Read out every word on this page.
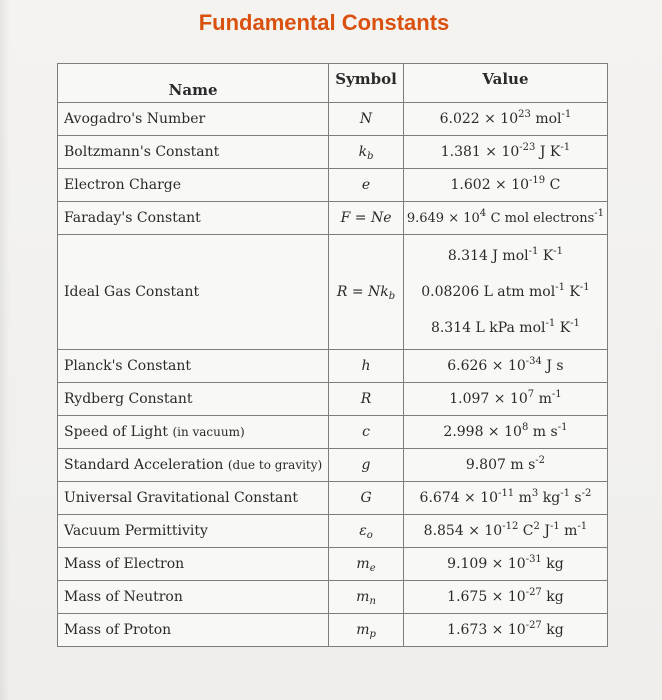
Fundamental Constants
Name	Symbol	Value
Avogadro's Number	N	$6.022 \times 10^{23}$ mol$^{-1}$
Boltzmann's Constant	$k_b$	$1.381 \times 10^{-23}$ J $K^{-1}$
Electron Charge	e	$1.602 \times 10^{-19}$ C
Faraday's Constant	F = Ne	$9.649 \times 10^4$ C mol electrons$^{-1}$
Ideal Gas Constant	$R = Nk_b$	8.314 J mol$^{-1}$ $K^{-1}$
0.08206 L atm mol$^{-1}$ $K^{-1}$
8.314 L kPa mol$^{-1}$ $K^{-1}$

Planck's Constant	h	$6.626 \times 10^{-34}$ J s
Rydberg Constant	R	$1.097 \times 10^7$ $m^{-1}$
Speed of Light (in vacuum)	c	$2.998 \times 10^8$ m $s^{-1}$
Standard Acceleration (due to gravity)	g	9.807 m $s^{-2}$
Universal Gravitational Constant	G	$6.674 \times 10^{-11}$ $m^3$ $kg^{-1}$ $s^{-2}$
Vacuum Permittivity	$\varepsilon_o$	$8.854 \times 10^{-12}$ $C^2$ $J^{-1}$ $m^{-1}$
Mass of Electron	$m_e$	$9.109 \times 10^{-31}$ kg
Mass of Neutron	$m_n$	$1.675 \times 10^{-27}$ kg
Mass of Proton	$m_p$	$1.673 \times 10^{-27}$ kg
